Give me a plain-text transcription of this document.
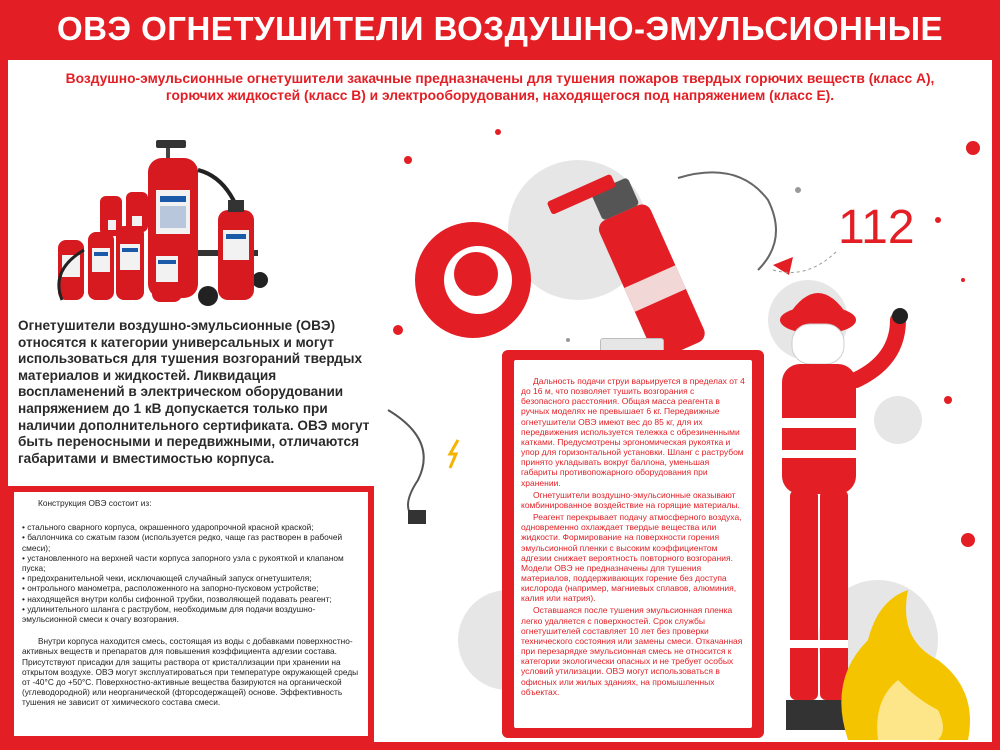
ОВЭ ОГНЕТУШИТЕЛИ ВОЗДУШНО-ЭМУЛЬСИОННЫЕ
Воздушно-эмульсионные огнетушители закачные предназначены для тушения пожаров твердых горючих веществ (класс А),
горючих жидкостей (класс В) и электрооборудования, находящегося под напряжением (класс Е).
Огнетушители воздушно-эмульсионные (ОВЭ) относятся к категории универсальных и могут использоваться для тушения возгораний твердых материалов и жидкостей. Ликвидация воспламенений в электрическом оборудовании напряжением до 1 кВ допускается только при наличии дополнительного сертификата. ОВЭ могут быть переносными и передвижными, отличаются габаритами и вместимостью корпуса.

Конструкция ОВЭ состоит из:

• стального сварного корпуса, окрашенного ударопрочной красной краской;

• баллончика со сжатым газом (используется редко, чаще газ растворен в рабочей смеси);

• установленного на верхней части корпуса запорного узла с рукояткой и клапаном пуска;

• предохранительной чеки, исключающей случайный запуск огнетушителя;

• онтрольного манометра, расположенного на запорно-пусковом устройстве;

• находящейся внутри колбы сифонной трубки, позволяющей подавать реагент;

• удлинительного шланга с раструбом, необходимым для подачи воздушно-эмульсионной смеси к очагу возгорания.

Внутри корпуса находится смесь, состоящая из воды с добавками поверхностно-активных веществ и препаратов для повышения коэффициента адгезии состава. Присутствуют присадки для защиты раствора от кристаллизации при хранении на открытом воздухе. ОВЭ могут эксплуатироваться при температуре окружающей среды от -40°С до +50°С. Поверхностно-активные вещества базируются на органической (углеводородной) или неорганической (фторсодержащей) основе. Эффективность тушения не зависит от химического состава смеси.

112

Дальность подачи струи варьируется в пределах от 4 до 16 м, что позволяет тушить возгорания с безопасного расстояния. Общая масса реагента в ручных моделях не превышает 6 кг. Передвижные огнетушители ОВЭ имеют вес до 85 кг, для их передвижения используется тележка с обрезиненными катками. Предусмотрены эргономическая рукоятка и упор для горизонтальной установки. Шланг с раструбом принято укладывать вокруг баллона, уменьшая габариты противопожарного оборудования при хранении.

Огнетушители воздушно-эмульсионные оказывают комбинированное воздействие на горящие материалы.

Реагент перекрывает подачу атмосферного воздуха, одновременно охлаждает твердые вещества или жидкости. Формирование на поверхности горения эмульсионной пленки с высоким коэффициентом адгезии снижает вероятность повторного возгорания. Модели ОВЭ не предназначены для тушения материалов, поддерживающих горение без доступа кислорода (например, магниевых сплавов, алюминия, калия или натрия).

Оставшаяся после тушения эмульсионная пленка легко удаляется с поверхностей. Срок службы огнетушителей составляет 10 лет без проверки технического состояния или замены смеси. Откачанная при перезарядке эмульсионная смесь не относится к категории экологически опасных и не требует особых условий утилизации. ОВЭ могут использоваться в офисных или жилых зданиях, на промышленных объектах.
